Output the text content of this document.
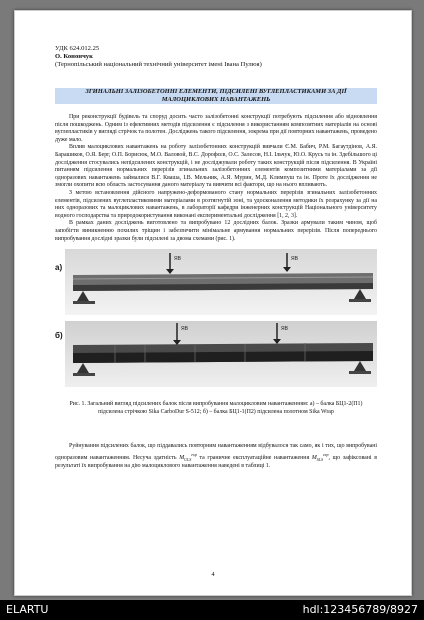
УДК 624.012.25
О. Конончук
(Тернопільський національний технічний університет імені Івана Пулюя)
ЗГИНАЛЬНІ ЗАЛІЗОБЕТОННІ ЕЛЕМЕНТИ, ПІДСИЛЕНІ ВУГЛЕПЛАСТИКАМИ ЗА ДІЇ МАЛОЦИКЛОВИХ НАВАНТАЖЕНЬ
При реконструкції будівель та споруд досить часто залізобетонні конструкції потребують підсилення або відновлення після пошкоджень. Одним із ефективних методів підсилення є підсилення з використанням композитних матеріалів на основі вуглепластиків у вигляді стрічок та полотен. Досліджень такого підсилення, зокрема при дії повторних навантажень, проведено дуже мало.
Вплив малоциклових навантажень на роботу залізобетонних конструкцій вивчали Є.М. Бабич, Р.М. Багаутдінов, А.Я. Барашиков, О.Я. Берг, О.П. Борисюк, М.О. Валовой, В.С. Дорофєєв, О.С. Залесов, Н.І. Ільчук, Ю.О. Крусь та ін. Здебільшого ці дослідження стосувались непідсилених конструкцій, і не досліджували роботу таких конструкцій після підсилення. В Україні питанням підсилення нормальних перерізів згинальних залізобетонних елементів композитними матеріалами за дії одноразових навантажень займалися В.Г. Кваша, І.В. Мельник, А.Я. Мурин, М.Д. Климпуш та ін. Проте їх дослідження не змогли охопити всю область застосування даного матеріалу та вивчити всі фактори, що на нього впливають.
З метою встановлення дійсного напружено-деформованого стану нормальних перерізів згинальних залізобетонних елементів, підсилених вуглепластиковими матеріалами в розтягнутій зоні, та удосконалення методики їх розрахунку за дії на них одноразових та малоциклових навантажень, в лабораторії кафедри інженерних конструкцій Національного університету водного господарства та природокористування виконані експериментальні дослідження [1, 2, 3].
В рамках даних досліджень виготовлено та випробувано 12 дослідних балок. Зразки армували таким чином, щоб запобігти виникненню похилих тріщин і забезпечити мінімальне армування нормальних перерізів. Після попереднього випробування дослідні зразки були підсилені за двома схемами (рис. 1).
а)
ЯВ	ЯВ
б)
ЯВ	ЯВ
Рис. 1. Загальний вигляд підсилених балок після випробування малоцикловим навантаженням: а) – балка БЦ1-2(П1) підсилена стрічкою Sika CarboDur S-512; б) – балка БЦ1-1(П2) підсилена полотном Sika Wrap
Руйнування підсилених балок, що піддавались повторним навантаженням відбувалося так само, як і тих, що випробувані одноразовим навантаженням. Несуча здатність $M_{ULS}^{exp}$ та граничне експлуатаційне навантаження $M_{SLS}^{exp}$, що зафіксовані в результаті їх випробування на дію малоциклового навантаження наведені в таблиці 1.
4
ELARTU	hdl:123456789/8927
